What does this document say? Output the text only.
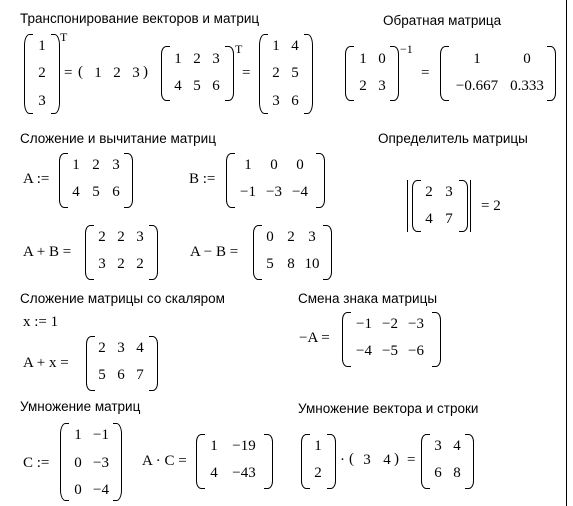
Транспонирование векторов и матриц	Обратная матрица
Сложение и вычитание матриц	Определитель матрицы
Сложение матрицы со скаляром	Смена знака матрицы
Умножение матриц	Умножение вектора и строки
1
2
3
T
= ( 1 2 3 )
1 2 3
4 5 6
T
=
1 4
2 5
3 6
1 0
2 3
−1
=
1	0
−0.667 0.333
A :=
1 2 3
4 5 6
B :=
1	0	0
−1 −3 −4
A + B =
2 2 3
3 2 2
A − B =
0 2 3
5 8 10
2 3
4 7
= 2
x := 1
A + x =
2 3 4
5 6 7
−A =
−1 −2 −3
−4 −5 −6
C :=
1 −1
0 −3
0 −4
A · C =
1 −19
4 −43
1
2
· ( 3 4 ) =
3 4
6 8
